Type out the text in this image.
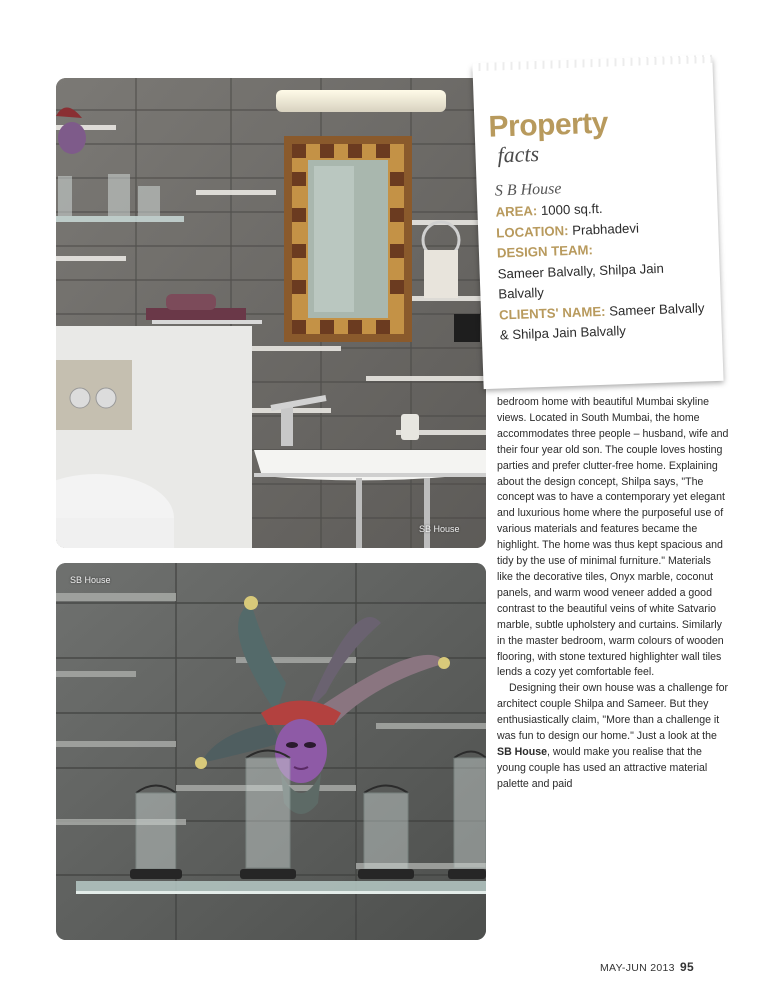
SB House
SB House
Property
facts
S B House
AREA: 1000 sq.ft.
LOCATION: Prabhadevi
DESIGN TEAM:
Sameer Balvally, Shilpa Jain Balvally
CLIENTS' NAME: Sameer Balvally & Shilpa Jain Balvally

bedroom home with beautiful Mumbai skyline views. Located in South Mumbai, the home accommodates three people – husband, wife and their four year old son. The couple loves hosting parties and prefer clutter-free home. Explaining about the design concept, Shilpa says, "The concept was to have a contemporary yet elegant and luxurious home where the purposeful use of various materials and features became the highlight. The home was thus kept spacious and tidy by the use of minimal furniture." Materials like the decorative tiles, Onyx marble, coconut panels, and warm wood veneer added a good contrast to the beautiful veins of white Satvario marble, subtle upholstery and curtains. Similarly in the master bedroom, warm colours of wooden flooring, with stone textured highlighter wall tiles lends a cozy yet comfortable feel.

Designing their own house was a challenge for architect couple Shilpa and Sameer. But they enthusiastically claim, "More than a challenge it was fun to design our home." Just a look at the SB House, would make you realise that the young couple has used an attractive material palette and paid

MAY-JUN 2013 95
